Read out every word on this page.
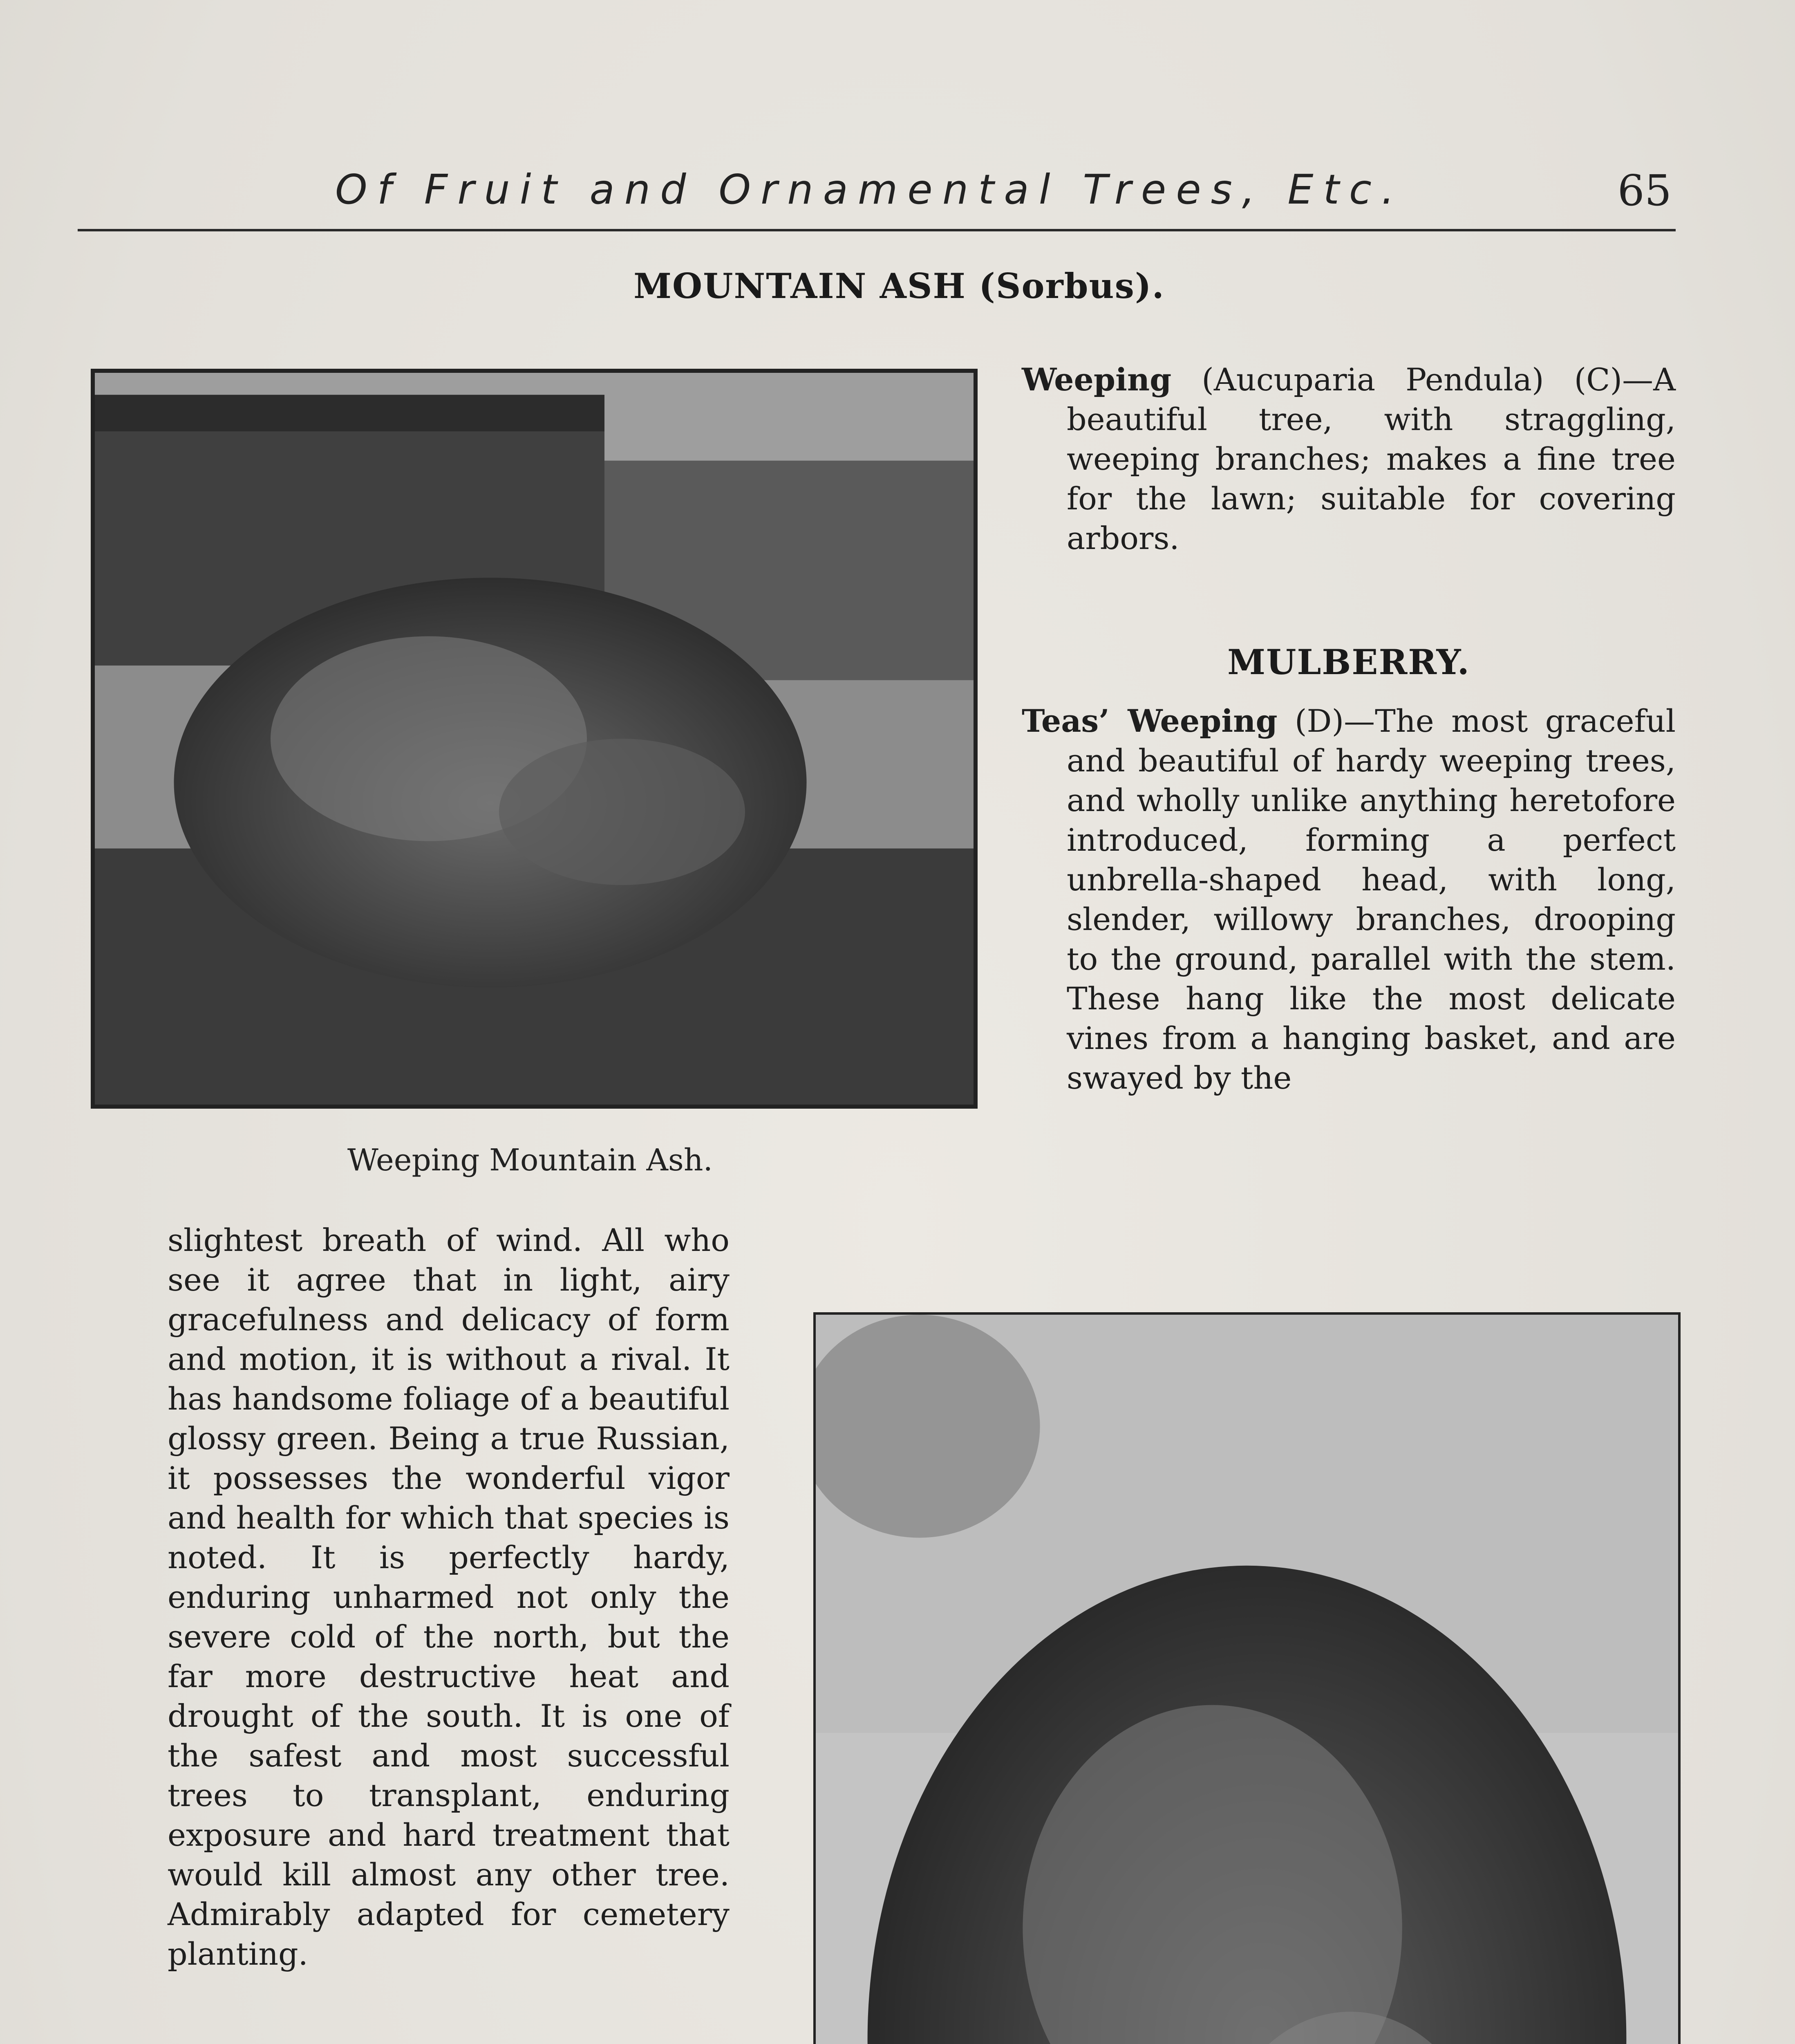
Of Fruit and Ornamental Trees, Etc.	65
MOUNTAIN ASH (Sorbus).
Weeping Mountain Ash.

Weeping (Aucuparia Pendula) (C)—A beautiful tree, with straggling, weeping branches; makes a fine tree for the lawn; suitable for covering arbors.

MULBERRY.

Teas’ Weeping (D)—The most graceful and beautiful of hardy weeping trees, and wholly unlike anything heretofore introduced, forming a perfect unbrella-shaped head, with long, slender, willowy branches, drooping to the ground, parallel with the stem. These hang like the most delicate vines from a hanging basket, and are swayed by the

slightest breath of wind. All who see it agree that in light, airy gracefulness and delicacy of form and motion, it is without a rival. It has handsome foliage of a beautiful glossy green. Being a true Russian, it possesses the wonderful vigor and health for which that species is noted. It is perfectly hardy, enduring unharmed not only the severe cold of the north, but the far more destructive heat and drought of the south. It is one of the safest and most successful trees to transplant, enduring exposure and hard treatment that would kill almost any other tree. Admirably adapted for cemetery planting.
